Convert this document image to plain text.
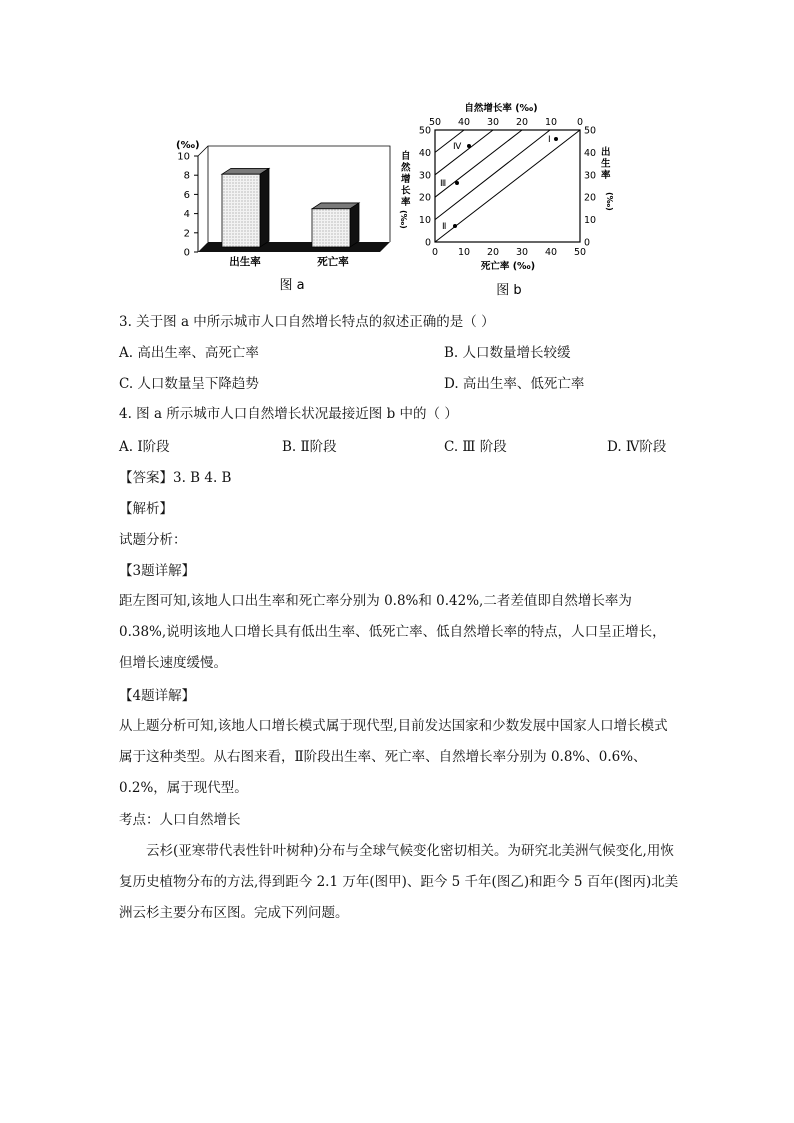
(‰)
10
8
6
4
2
0
出生率	死亡率
图 a
自然增长率 (‰)
50 40 30 20 10 0
50
40
30
20
10
0
50
40
30
20
10
0
0 10 20 30 40 50
Ⅰ
Ⅱ
Ⅲ
Ⅳ
自然增长率
(‰)
出生率
(‰)
死亡率 (‰)
图 b
3. 关于图 a 中所示城市人口自然增长特点的叙述正确的是（ ）
A. 高出生率、高死亡率	B. 人口数量增长较缓
C. 人口数量呈下降趋势	D. 高出生率、低死亡率
4. 图 a 所示城市人口自然增长状况最接近图 b 中的（ ）
A. Ⅰ阶段	B. Ⅱ阶段	C. Ⅲ 阶段	D. Ⅳ阶段
【答案】3. B 4. B
【解析】
试题分析：
【3题详解】
距左图可知,该地人口出生率和死亡率分别为 0.8%和 0.42%,二者差值即自然增长率为 0.38%,说明该地人口增长具有低出生率、低死亡率、低自然增长率的特点，人口呈正增长，但增长速度缓慢。
【4题详解】
从上题分析可知,该地人口增长模式属于现代型,目前发达国家和少数发展中国家人口增长模式属于这种类型。从右图来看，Ⅱ阶段出生率、死亡率、自然增长率分别为 0.8%、0.6%、0.2%，属于现代型。
考点：人口自然增长
云杉(亚寒带代表性针叶树种)分布与全球气候变化密切相关。为研究北美洲气候变化,用恢复历史植物分布的方法,得到距今 2.1 万年(图甲)、距今 5 千年(图乙)和距今 5 百年(图丙)北美洲云杉主要分布区图。完成下列问题。
